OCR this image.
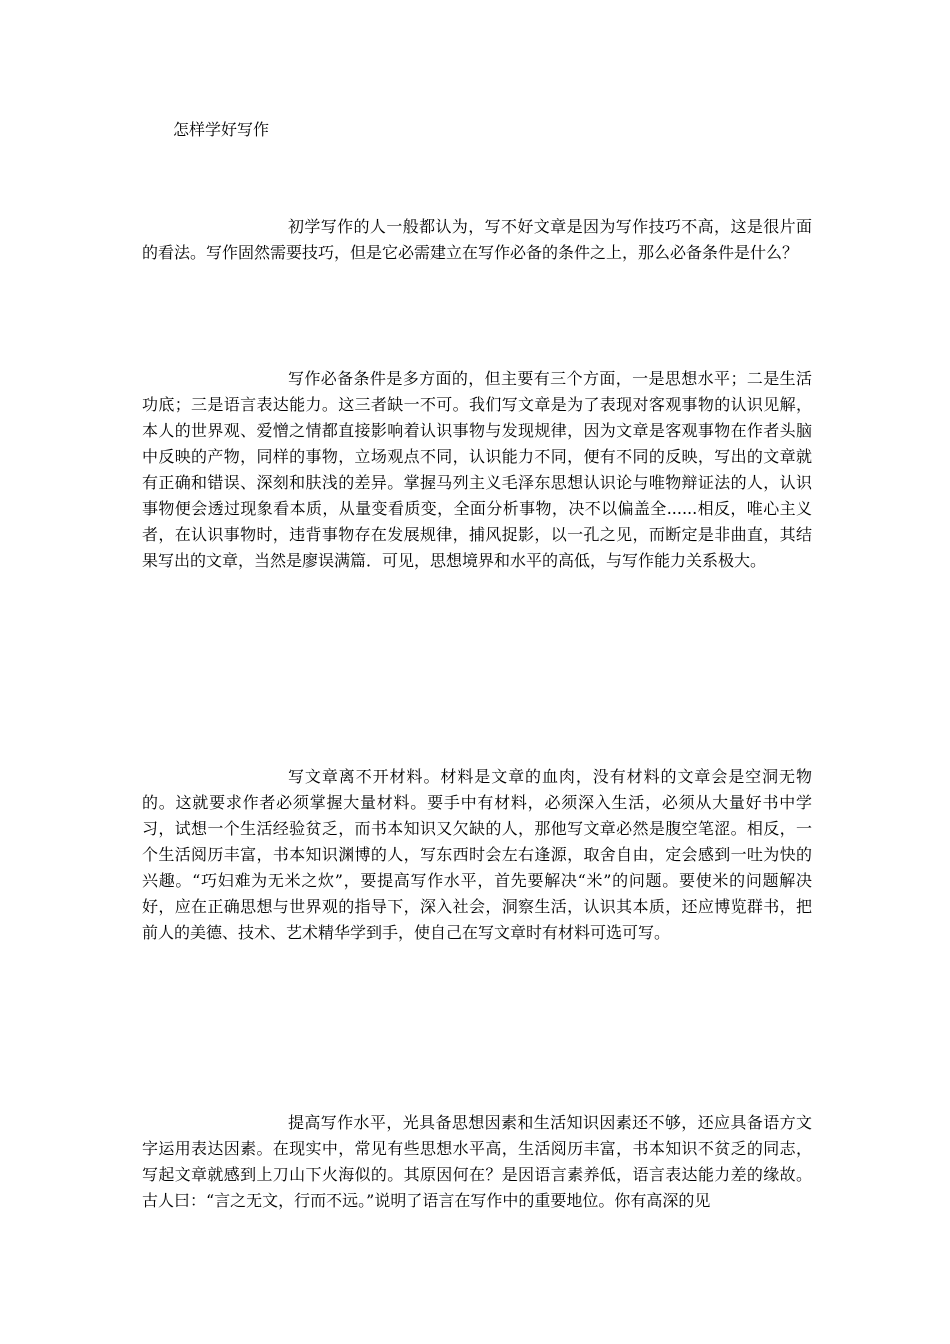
怎样学好写作

初学写作的人一般都认为，写不好文章是因为写作技巧不高，这是很片面的看法。写作固然需要技巧，但是它必需建立在写作必备的条件之上，那么必备条件是什么？

写作必备条件是多方面的，但主要有三个方面，一是思想水平；二是生活功底；三是语言表达能力。这三者缺一不可。我们写文章是为了表现对客观事物的认识见解，本人的世界观、爱憎之情都直接影响着认识事物与发现规律，因为文章是客观事物在作者头脑中反映的产物，同样的事物，立场观点不同，认识能力不同，便有不同的反映，写出的文章就有正确和错误、深刻和肤浅的差异。掌握马列主义毛泽东思想认识论与唯物辩证法的人，认识事物便会透过现象看本质，从量变看质变，全面分析事物，决不以偏盖全......相反，唯心主义者，在认识事物时，违背事物存在发展规律，捕风捉影，以一孔之见，而断定是非曲直，其结果写出的文章，当然是廖误满篇．可见，思想境界和水平的高低，与写作能力关系极大。

写文章离不开材料。材料是文章的血肉，没有材料的文章会是空洞无物的。这就要求作者必须掌握大量材料。要手中有材料，必须深入生活，必须从大量好书中学习，试想一个生活经验贫乏，而书本知识又欠缺的人，那他写文章必然是腹空笔涩。相反，一个生活阅历丰富，书本知识渊博的人，写东西时会左右逢源，取舍自由，定会感到一吐为快的兴趣。“巧妇难为无米之炊”，要提高写作水平，首先要解决“米”的问题。要使米的问题解决好，应在正确思想与世界观的指导下，深入社会，洞察生活，认识其本质，还应博览群书，把前人的美德、技术、艺术精华学到手，使自己在写文章时有材料可选可写。

提高写作水平，光具备思想因素和生活知识因素还不够，还应具备语方文字运用表达因素。在现实中，常见有些思想水平高，生活阅历丰富，书本知识不贫乏的同志，写起文章就感到上刀山下火海似的。其原因何在？是因语言素养低，语言表达能力差的缘故。古人曰：“言之无文，行而不远。”说明了语言在写作中的重要地位。你有高深的见
